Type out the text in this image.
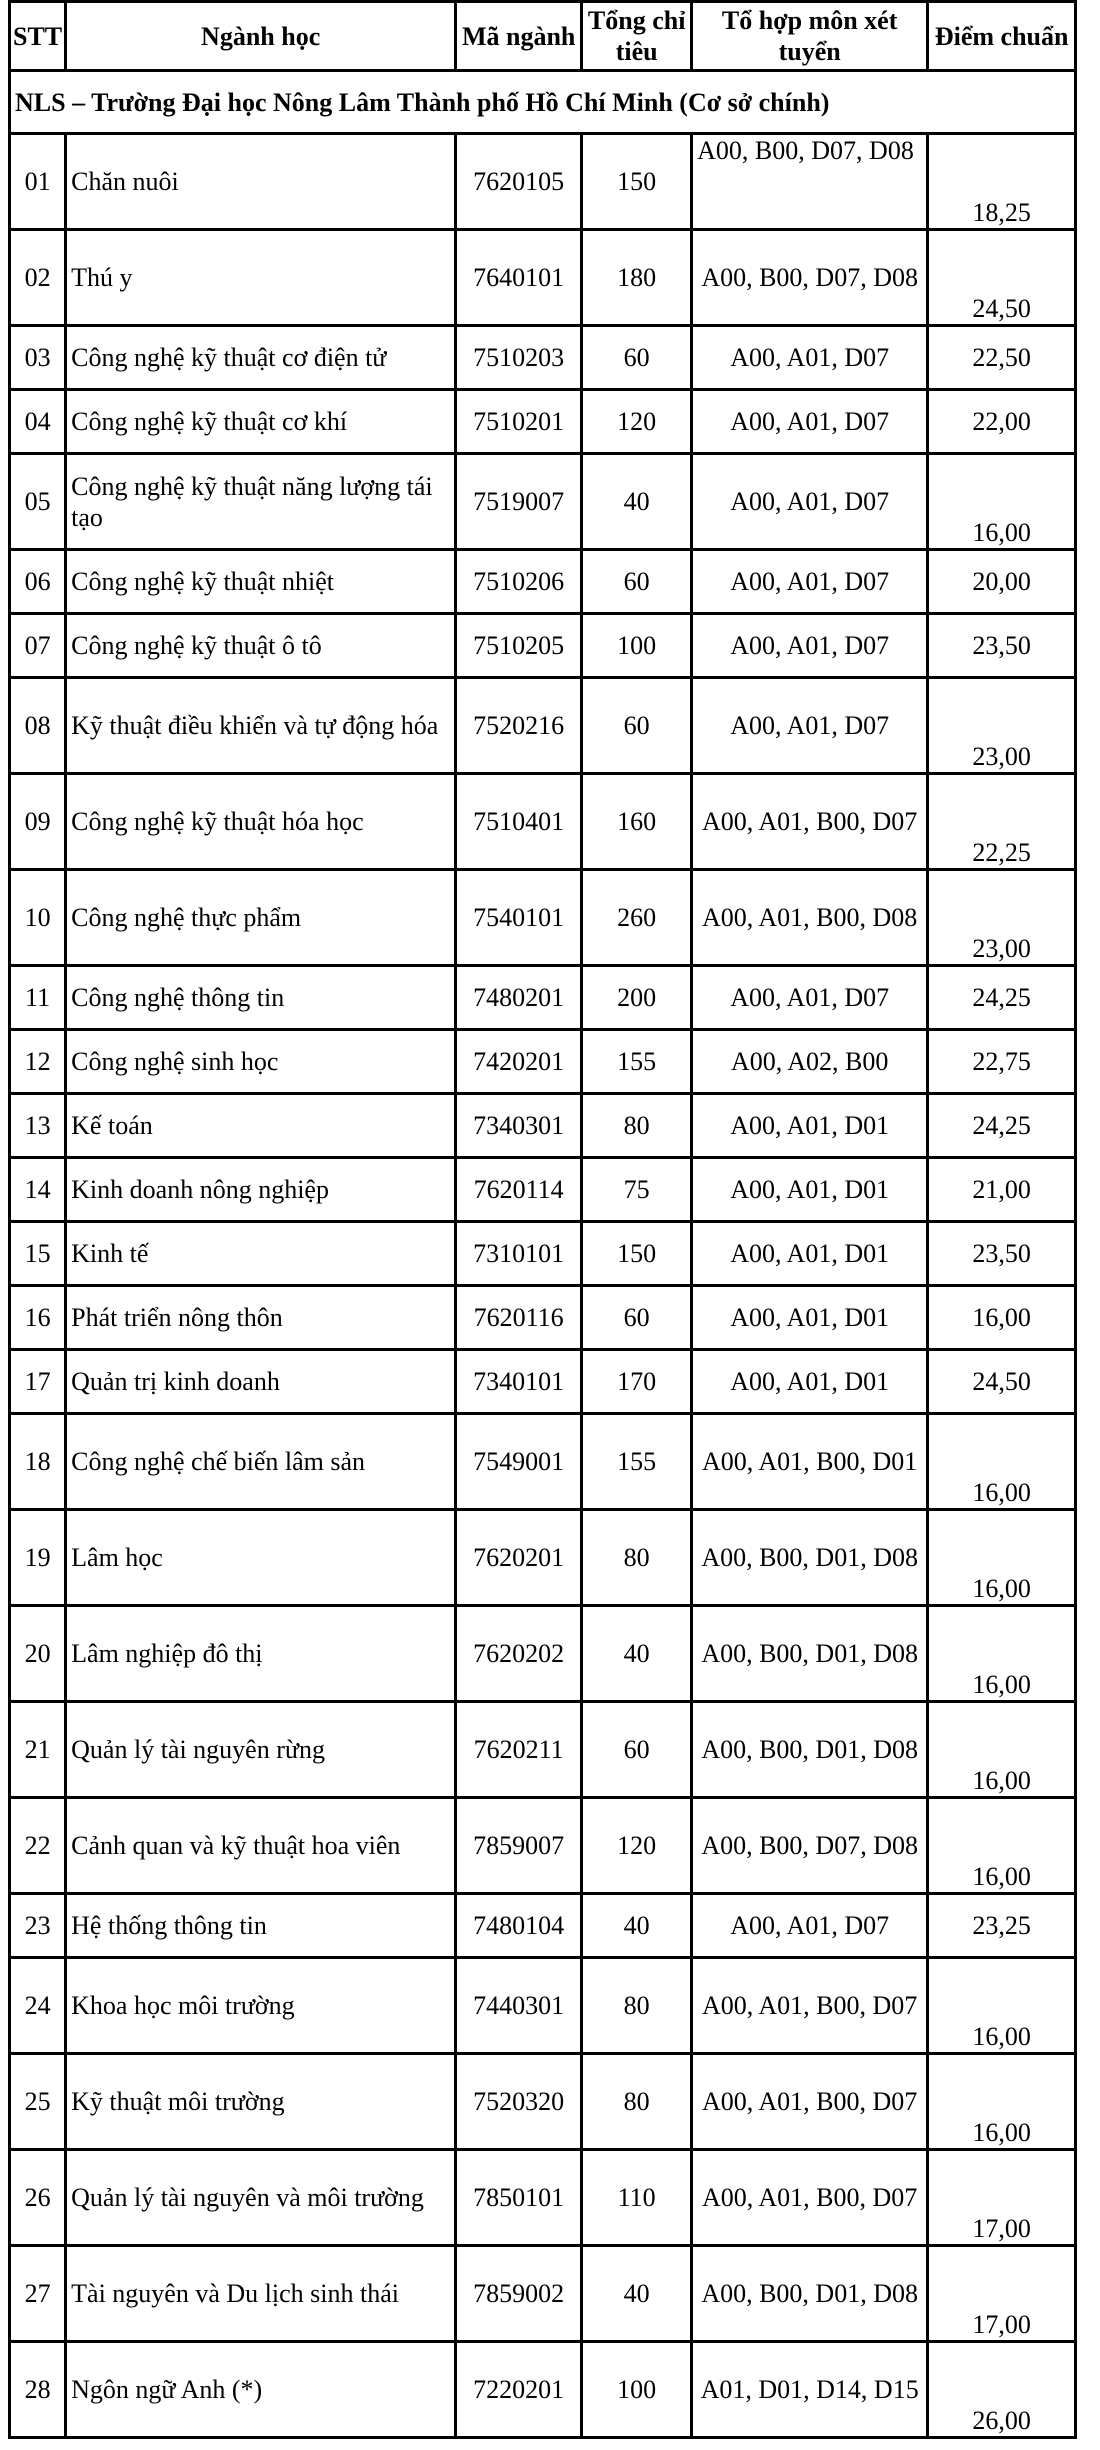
STT	Ngành học	Mã ngành	Tổng chỉ tiêu	Tổ hợp môn xét tuyển	Điểm chuẩn
NLS – Trường Đại học Nông Lâm Thành phố Hồ Chí Minh (Cơ sở chính)					
01	Chăn nuôi	7620105	150	A00, B00, D07, D08	18,25
02	Thú y	7640101	180	A00, B00, D07, D08	24,50
03	Công nghệ kỹ thuật cơ điện tử	7510203	60	A00, A01, D07	22,50
04	Công nghệ kỹ thuật cơ khí	7510201	120	A00, A01, D07	22,00
05	Công nghệ kỹ thuật năng lượng tái tạo	7519007	40	A00, A01, D07	16,00
06	Công nghệ kỹ thuật nhiệt	7510206	60	A00, A01, D07	20,00
07	Công nghệ kỹ thuật ô tô	7510205	100	A00, A01, D07	23,50
08	Kỹ thuật điều khiển và tự động hóa	7520216	60	A00, A01, D07	23,00
09	Công nghệ kỹ thuật hóa học	7510401	160	A00, A01, B00, D07	22,25
10	Công nghệ thực phẩm	7540101	260	A00, A01, B00, D08	23,00
11	Công nghệ thông tin	7480201	200	A00, A01, D07	24,25
12	Công nghệ sinh học	7420201	155	A00, A02, B00	22,75
13	Kế toán	7340301	80	A00, A01, D01	24,25
14	Kinh doanh nông nghiệp	7620114	75	A00, A01, D01	21,00
15	Kinh tế	7310101	150	A00, A01, D01	23,50
16	Phát triển nông thôn	7620116	60	A00, A01, D01	16,00
17	Quản trị kinh doanh	7340101	170	A00, A01, D01	24,50
18	Công nghệ chế biến lâm sản	7549001	155	A00, A01, B00, D01	16,00
19	Lâm học	7620201	80	A00, B00, D01, D08	16,00
20	Lâm nghiệp đô thị	7620202	40	A00, B00, D01, D08	16,00
21	Quản lý tài nguyên rừng	7620211	60	A00, B00, D01, D08	16,00
22	Cảnh quan và kỹ thuật hoa viên	7859007	120	A00, B00, D07, D08	16,00
23	Hệ thống thông tin	7480104	40	A00, A01, D07	23,25
24	Khoa học môi trường	7440301	80	A00, A01, B00, D07	16,00
25	Kỹ thuật môi trường	7520320	80	A00, A01, B00, D07	16,00
26	Quản lý tài nguyên và môi trường	7850101	110	A00, A01, B00, D07	17,00
27	Tài nguyên và Du lịch sinh thái	7859002	40	A00, B00, D01, D08	17,00
28	Ngôn ngữ Anh (*)	7220201	100	A01, D01, D14, D15	26,00
